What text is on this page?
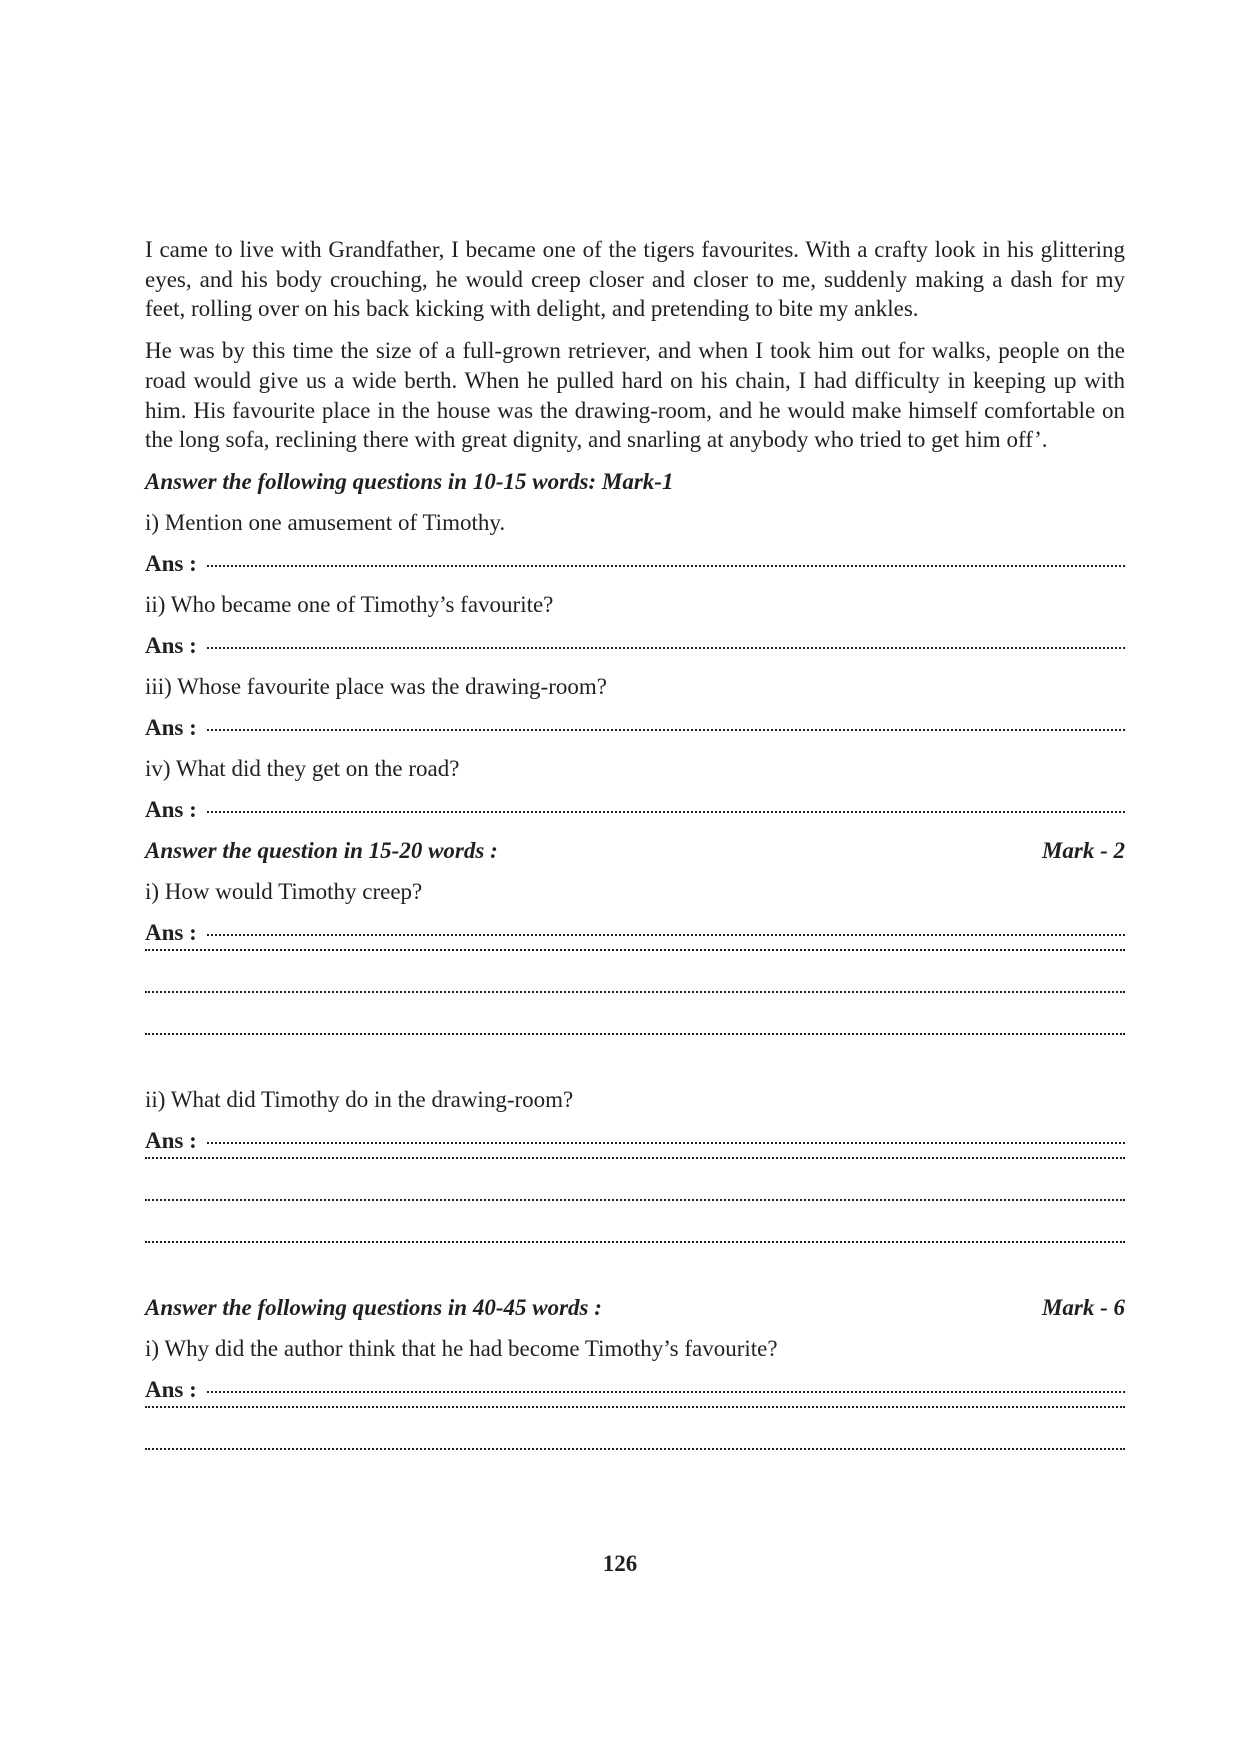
I came to live with Grandfather, I became one of the tigers favourites. With a crafty look in his glittering eyes, and his body crouching, he would creep closer and closer to me, suddenly making a dash for my feet, rolling over on his back kicking with delight, and pretending to bite my ankles.

He was by this time the size of a full-grown retriever, and when I took him out for walks, people on the road would give us a wide berth. When he pulled hard on his chain, I had difficulty in keeping up with him. His favourite place in the house was the drawing-room, and he would make himself comfortable on the long sofa, reclining there with great dignity, and snarling at anybody who tried to get him off’.

Answer the following questions in 10-15 words: Mark-1
i) Mention one amusement of Timothy.
Ans :
ii) Who became one of Timothy’s favourite?
Ans :
iii) Whose favourite place was the drawing-room?
Ans :
iv) What did they get on the road?
Ans :
Answer the question in 15-20 words :	Mark - 2
i) How would Timothy creep?
Ans :
ii) What did Timothy do in the drawing-room?
Ans :
Answer the following questions in 40-45 words :	Mark - 6
i) Why did the author think that he had become Timothy’s favourite?
Ans :
126
